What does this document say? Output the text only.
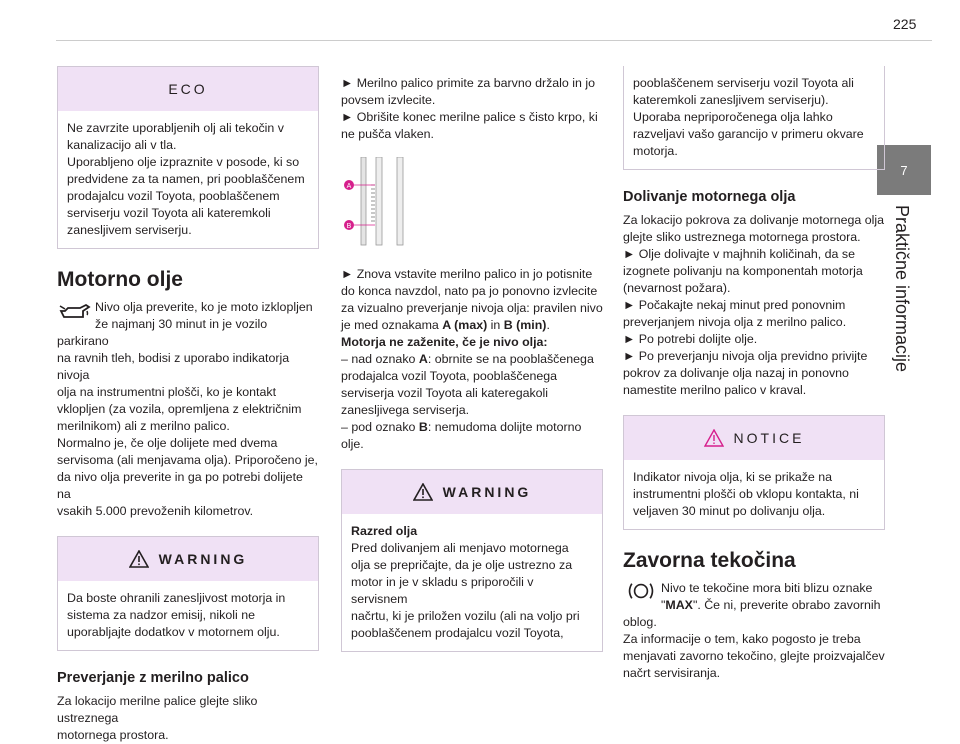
225
7
Praktične informacije
ECO

Ne zavrzite uporabljenih olj ali tekočin v

kanalizacijo ali v tla.

Uporabljeno olje izpraznite v posode, ki so

predvidene za ta namen, pri pooblaščenem

prodajalcu vozil Toyota, pooblaščenem

serviserju vozil Toyota ali kateremkoli

zanesljivem serviserju.

Motorno olje

Nivo olja preverite, ko je moto izklopljen

že najmanj 30 minut in je vozilo parkirano

na ravnih tleh, bodisi z uporabo indikatorja nivoja

olja na instrumentni plošči, ko je kontakt

vklopljen (za vozila, opremljena z električnim

merilnikom) ali z merilno palico.

Normalno je, če olje dolijete med dvema

servisoma (ali menjavama olja). Priporočeno je,

da nivo olja preverite in ga po potrebi dolijete na

vsakih 5.000 prevoženih kilometrov.

WARNING

Da boste ohranili zanesljivost motorja in

sistema za nadzor emisij, nikoli ne

uporabljajte dodatkov v motornem olju.

Preverjanje z merilno palico

Za lokacijo merilne palice glejte sliko ustreznega

motornega prostora.

► Merilno palico primite za barvno držalo in jo

povsem izvlecite.

► Obrišite konec merilne palice s čisto krpo, ki

ne pušča vlaken.

A
B

► Znova vstavite merilno palico in jo potisnite

do konca navzdol, nato pa jo ponovno izvlecite

za vizualno preverjanje nivoja olja: pravilen nivo

je med oznakama A (max) in B (min).

Motorja ne zaženite, če je nivo olja:

– nad oznako A: obrnite se na pooblaščenega

prodajalca vozil Toyota, pooblaščenega

serviserja vozil Toyota ali kateregakoli

zanesljivega serviserja.

– pod oznako B: nemudoma dolijte motorno olje.

WARNING

Razred olja

Pred dolivanjem ali menjavo motornega

olja se prepričajte, da je olje ustrezno za

motor in je v skladu s priporočili v servisnem

načrtu, ki je priložen vozilu (ali na voljo pri

pooblaščenem prodajalcu vozil Toyota,

pooblaščenem serviserju vozil Toyota ali

kateremkoli zanesljivem serviserju).

Uporaba nepriporočenega olja lahko

razveljavi vašo garancijo v primeru okvare

motorja.

Dolivanje motornega olja

Za lokacijo pokrova za dolivanje motornega olja

glejte sliko ustreznega motornega prostora.

► Olje dolivajte v majhnih količinah, da se

izognete polivanju na komponentah motorja

(nevarnost požara).

► Počakajte nekaj minut pred ponovnim

preverjanjem nivoja olja z merilno palico.

► Po potrebi dolijte olje.

► Po preverjanju nivoja olja previdno privijte

pokrov za dolivanje olja nazaj in ponovno

namestite merilno palico v kraval.

NOTICE

Indikator nivoja olja, ki se prikaže na

instrumentni plošči ob vklopu kontakta, ni

veljaven 30 minut po dolivanju olja.

Zavorna tekočina

Nivo te tekočine mora biti blizu oznake

"MAX". Če ni, preverite obrabo zavornih

oblog.

Za informacije o tem, kako pogosto je treba

menjavati zavorno tekočino, glejte proizvajalčev

načrt servisiranja.
